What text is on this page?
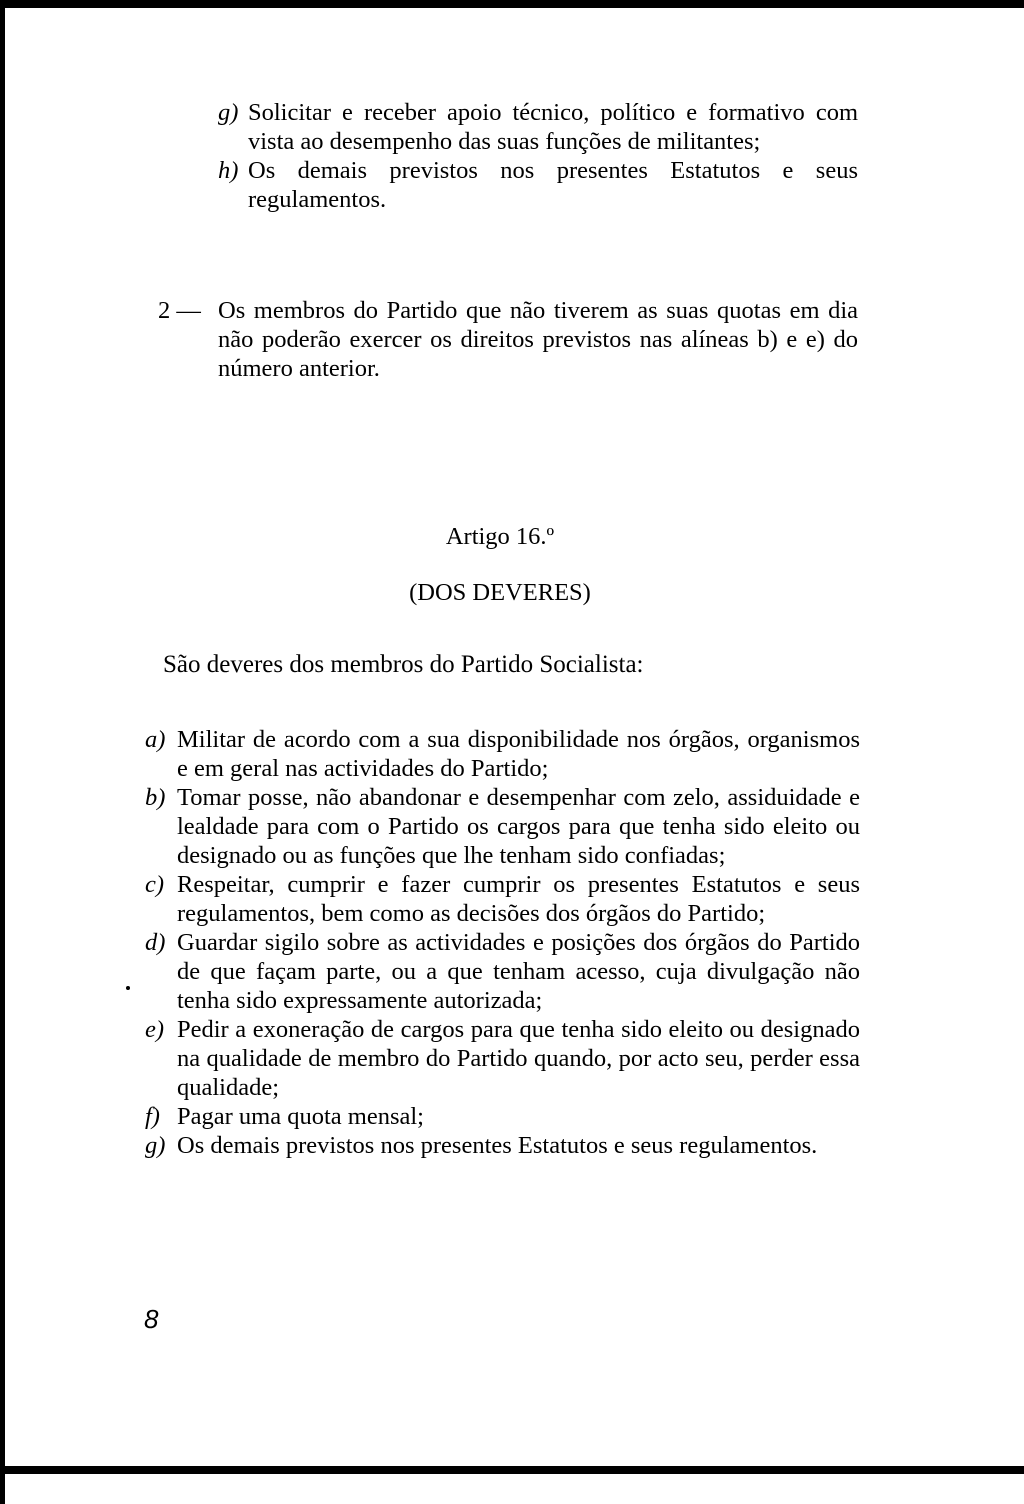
g) Solicitar e receber apoio técnico, político e formativo com vista ao desempenho das suas funções de militantes;
h) Os demais previstos nos presentes Estatutos e seus regulamentos.
2 — Os membros do Partido que não tiverem as suas quotas em dia não poderão exercer os direitos previstos nas alíneas b) e e) do número anterior.
Artigo 16.º
(DOS DEVERES)
São deveres dos membros do Partido Socialista:
a) Militar de acordo com a sua disponibilidade nos órgãos, organismos e em geral nas actividades do Partido;
b) Tomar posse, não abandonar e desempenhar com zelo, assiduidade e lealdade para com o Partido os cargos para que tenha sido eleito ou designado ou as funções que lhe tenham sido confiadas;
c) Respeitar, cumprir e fazer cumprir os presentes Estatutos e seus regulamentos, bem como as decisões dos órgãos do Partido;
d) Guardar sigilo sobre as actividades e posições dos órgãos do Partido de que façam parte, ou a que tenham acesso, cuja divulgação não tenha sido expressamente autorizada;
e) Pedir a exoneração de cargos para que tenha sido eleito ou designado na qualidade de membro do Partido quando, por acto seu, perder essa qualidade;
f) Pagar uma quota mensal;
g) Os demais previstos nos presentes Estatutos e seus regulamentos.
8
